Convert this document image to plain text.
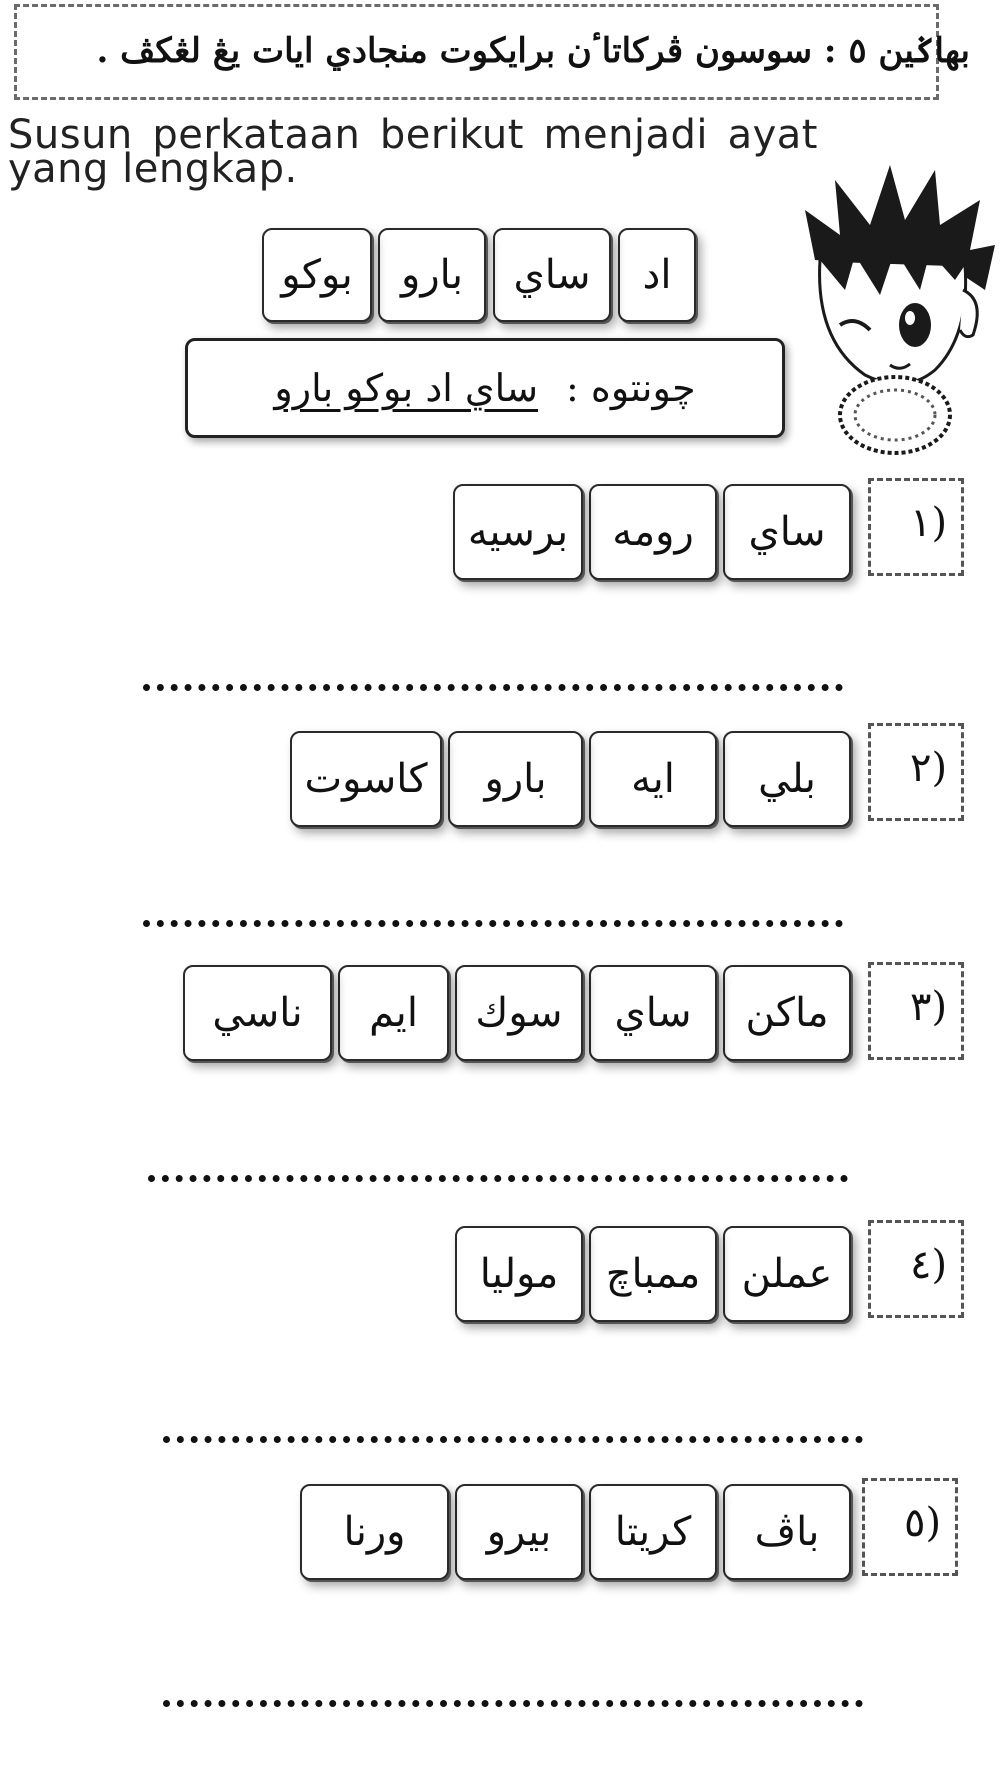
بهاݢين ٥ : سوسون ڤركاتاٴن برايكوت منجادي ايات يڠ لڠكڤ .
Susun perkataan berikut menjadi ayat yang lengkap.
اد
ساي
بارو
بوكو
چونتوه :
ساي اد بوكو بارو
١)
ساي
رومه
برسيه
٢)
بلي
ايه
بارو
كاسوت
٣)
ماكن
ساي
سوك
ايم
ناسي
٤)
عملن
ممباچ
موليا
٥)
باڤ
كريتا
بيرو
ورنا
